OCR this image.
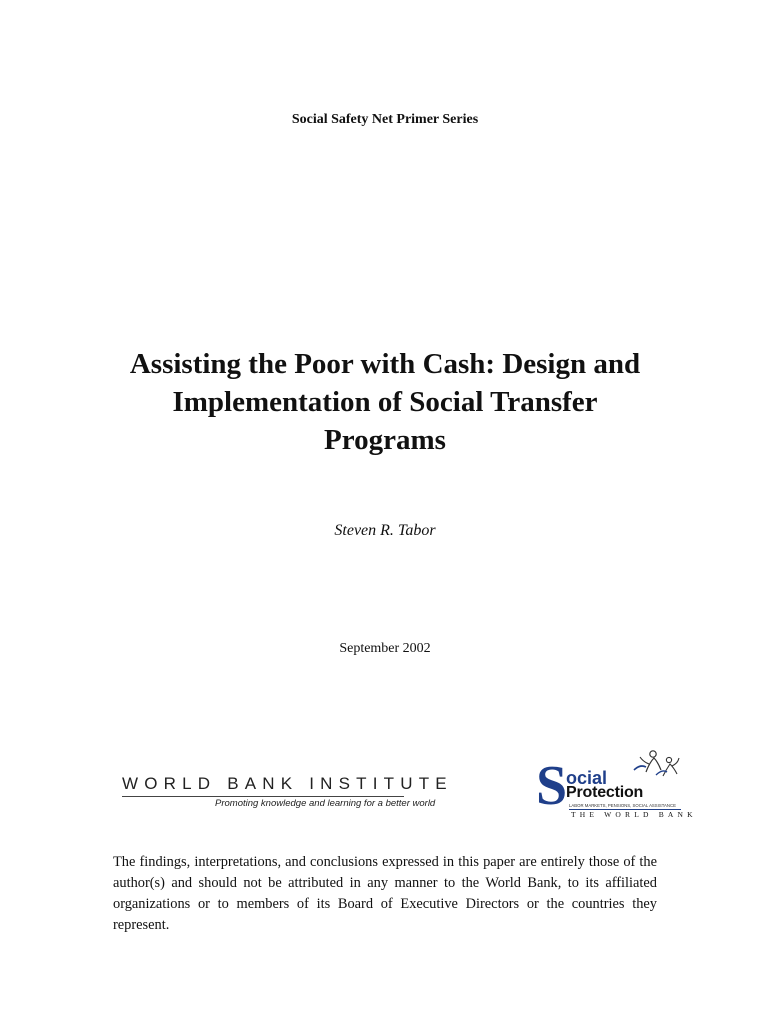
Social Safety Net Primer Series
Assisting the Poor with Cash: Design and
Implementation of Social Transfer
Programs
Steven R. Tabor
September 2002
WORLD BANK INSTITUTE
Promoting knowledge and learning for a better world S
ocial
Protection
LABOR MARKETS, PENSIONS, SOCIAL ASSISTANCE
THE WORLD BANK

The findings, interpretations, and conclusions expressed in this paper are entirely those of the author(s) and should not be attributed in any manner to the World Bank, to its affiliated organizations or to members of its Board of Executive Directors or the countries they represent.
